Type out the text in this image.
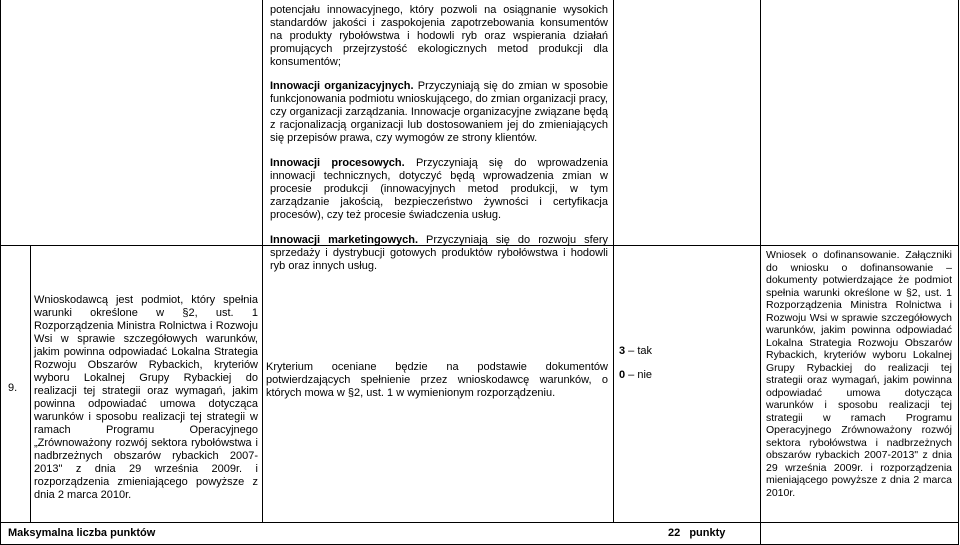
potencjału innowacyjnego, który pozwoli na osiągnanie wysokich standardów jakości i zaspokojenia zapotrzebowania konsumentów na produkty rybołówstwa i hodowli ryb oraz wspierania działań promujących przejrzystość ekologicznych metod produkcji dla konsumentów;

Innowacji organizacyjnych. Przyczyniają się do zmian w sposobie funkcjonowania podmiotu wnioskującego, do zmian organizacji pracy, czy organizacji zarządzania. Innowacje organizacyjne związane będą z racjonalizacją organizacji lub dostosowaniem jej do zmieniających się przepisów prawa, czy wymogów ze strony klientów.

Innowacji procesowych. Przyczyniają się do wprowadzenia innowacji technicznych, dotyczyć będą wprowadzenia zmian w procesie produkcji (innowacyjnych metod produkcji, w tym zarządzanie jakością, bezpieczeństwo żywności i certyfikacja procesów), czy też procesie świadczenia usług.

Innowacji marketingowych. Przyczyniają się do rozwoju sfery sprzedaży i dystrybucji gotowych produktów rybołówstwa i hodowli ryb oraz innych usług.

9.
Wnioskodawcą jest podmiot, który spełnia warunki określone w §2, ust. 1 Rozporządzenia Ministra Rolnictwa i Rozwoju Wsi w sprawie szczegółowych warunków, jakim powinna odpowiadać Lokalna Strategia Rozwoju Obszarów Rybackich, kryteriów wyboru Lokalnej Grupy Rybackiej do realizacji tej strategii oraz wymagań, jakim powinna odpowiadać umowa dotycząca warunków i sposobu realizacji tej strategii w ramach Programu Operacyjnego „Zrównoważony rozwój sektora rybołówstwa i nadbrzeżnych obszarów rybackich 2007-2013" z dnia 29 września 2009r. i rozporządzenia zmieniającego powyższe z dnia 2 marca 2010r.
Kryterium oceniane będzie na podstawie dokumentów potwierdzających spełnienie przez wnioskodawcę warunków, o których mowa w §2, ust. 1 w wymienionym rozporządzeniu.

3 – tak

0 – nie

Wniosek o dofinansowanie. Załączniki do wniosku o dofinansowanie – dokumenty potwierdzające że podmiot spełnia warunki określone w §2, ust. 1 Rozporządzenia Ministra Rolnictwa i Rozwoju Wsi w sprawie szczegółowych warunków, jakim powinna odpowiadać Lokalna Strategia Rozwoju Obszarów Rybackich, kryteriów wyboru Lokalnej Grupy Rybackiej do realizacji tej strategii oraz wymagań, jakim powinna odpowiadać umowa dotycząca warunków i sposobu realizacji tej strategii w ramach Programu Operacyjnego Zrównoważony rozwój sektora rybołówstwa i nadbrzeżnych obszarów rybackich 2007-2013" z dnia 29 września 2009r. i rozporządzenia mieniającego powyższe z dnia 2 marca 2010r.
Maksymalna liczba punktów	22 punkty
